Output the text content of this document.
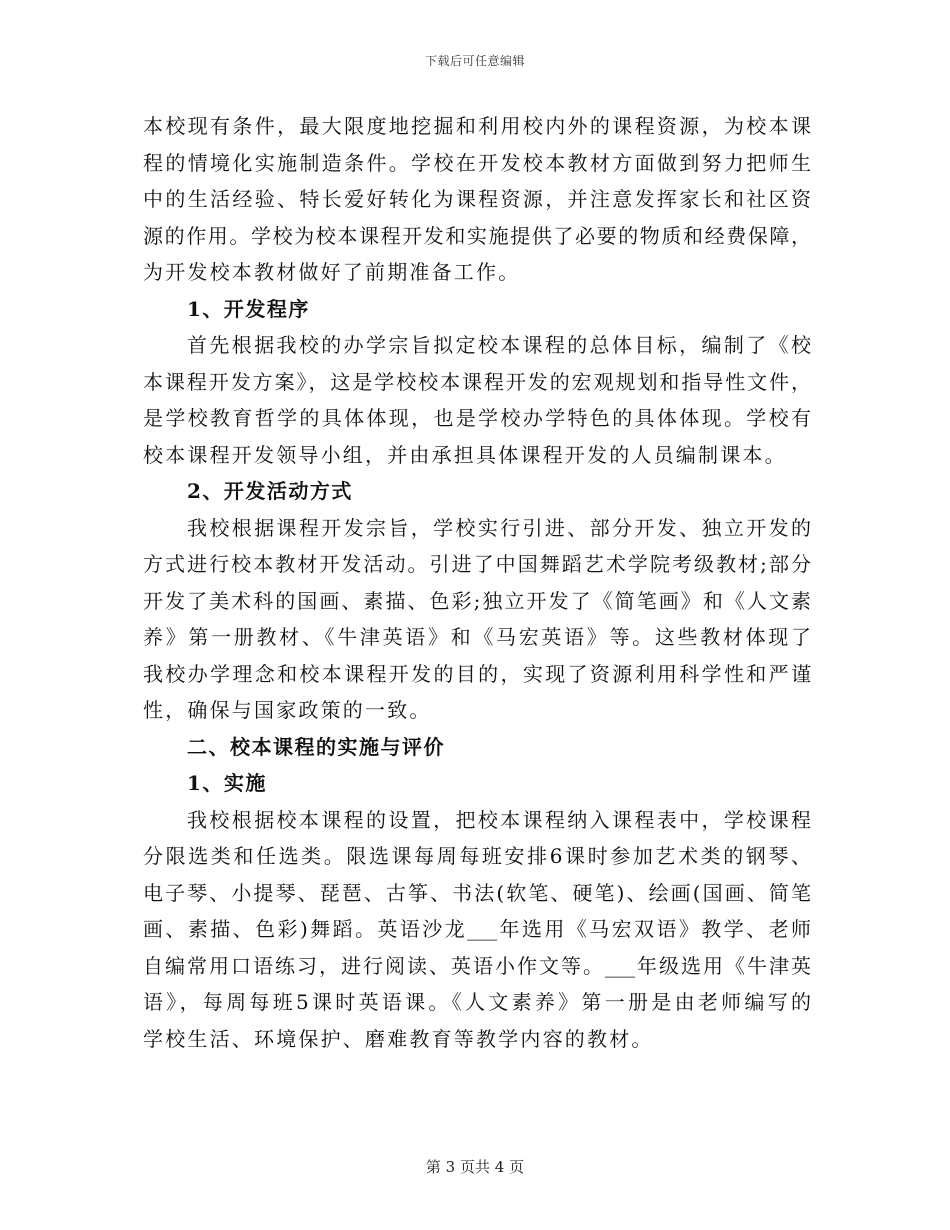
下载后可任意编辑
本校现有条件，最大限度地挖掘和利用校内外的课程资源，为校本课
程的情境化实施制造条件。学校在开发校本教材方面做到努力把师生
中的生活经验、特长爱好转化为课程资源，并注意发挥家长和社区资
源的作用。学校为校本课程开发和实施提供了必要的物质和经费保障，
为开发校本教材做好了前期准备工作。
1、开发程序
首先根据我校的办学宗旨拟定校本课程的总体目标，编制了《校
本课程开发方案》，这是学校校本课程开发的宏观规划和指导性文件，
是学校教育哲学的具体体现，也是学校办学特色的具体体现。学校有
校本课程开发领导小组，并由承担具体课程开发的人员编制课本。
2、开发活动方式
我校根据课程开发宗旨，学校实行引进、部分开发、独立开发的
方式进行校本教材开发活动。引进了中国舞蹈艺术学院考级教材;部分
开发了美术科的国画、素描、色彩;独立开发了《简笔画》和《人文素
养》第一册教材、《牛津英语》和《马宏英语》等。这些教材体现了
我校办学理念和校本课程开发的目的，实现了资源利用科学性和严谨
性，确保与国家政策的一致。
二、校本课程的实施与评价
1、实施
我校根据校本课程的设置，把校本课程纳入课程表中，学校课程
分限选类和任选类。限选课每周每班安排6课时参加艺术类的钢琴、
电子琴、小提琴、琵琶、古筝、书法(软笔、硬笔)、绘画(国画、简笔
画、素描、色彩)舞蹈。英语沙龙___年选用《马宏双语》教学、老师
自编常用口语练习，进行阅读、英语小作文等。___年级选用《牛津英
语》，每周每班5课时英语课。《人文素养》第一册是由老师编写的
学校生活、环境保护、磨难教育等教学内容的教材。
第 3 页共 4 页
